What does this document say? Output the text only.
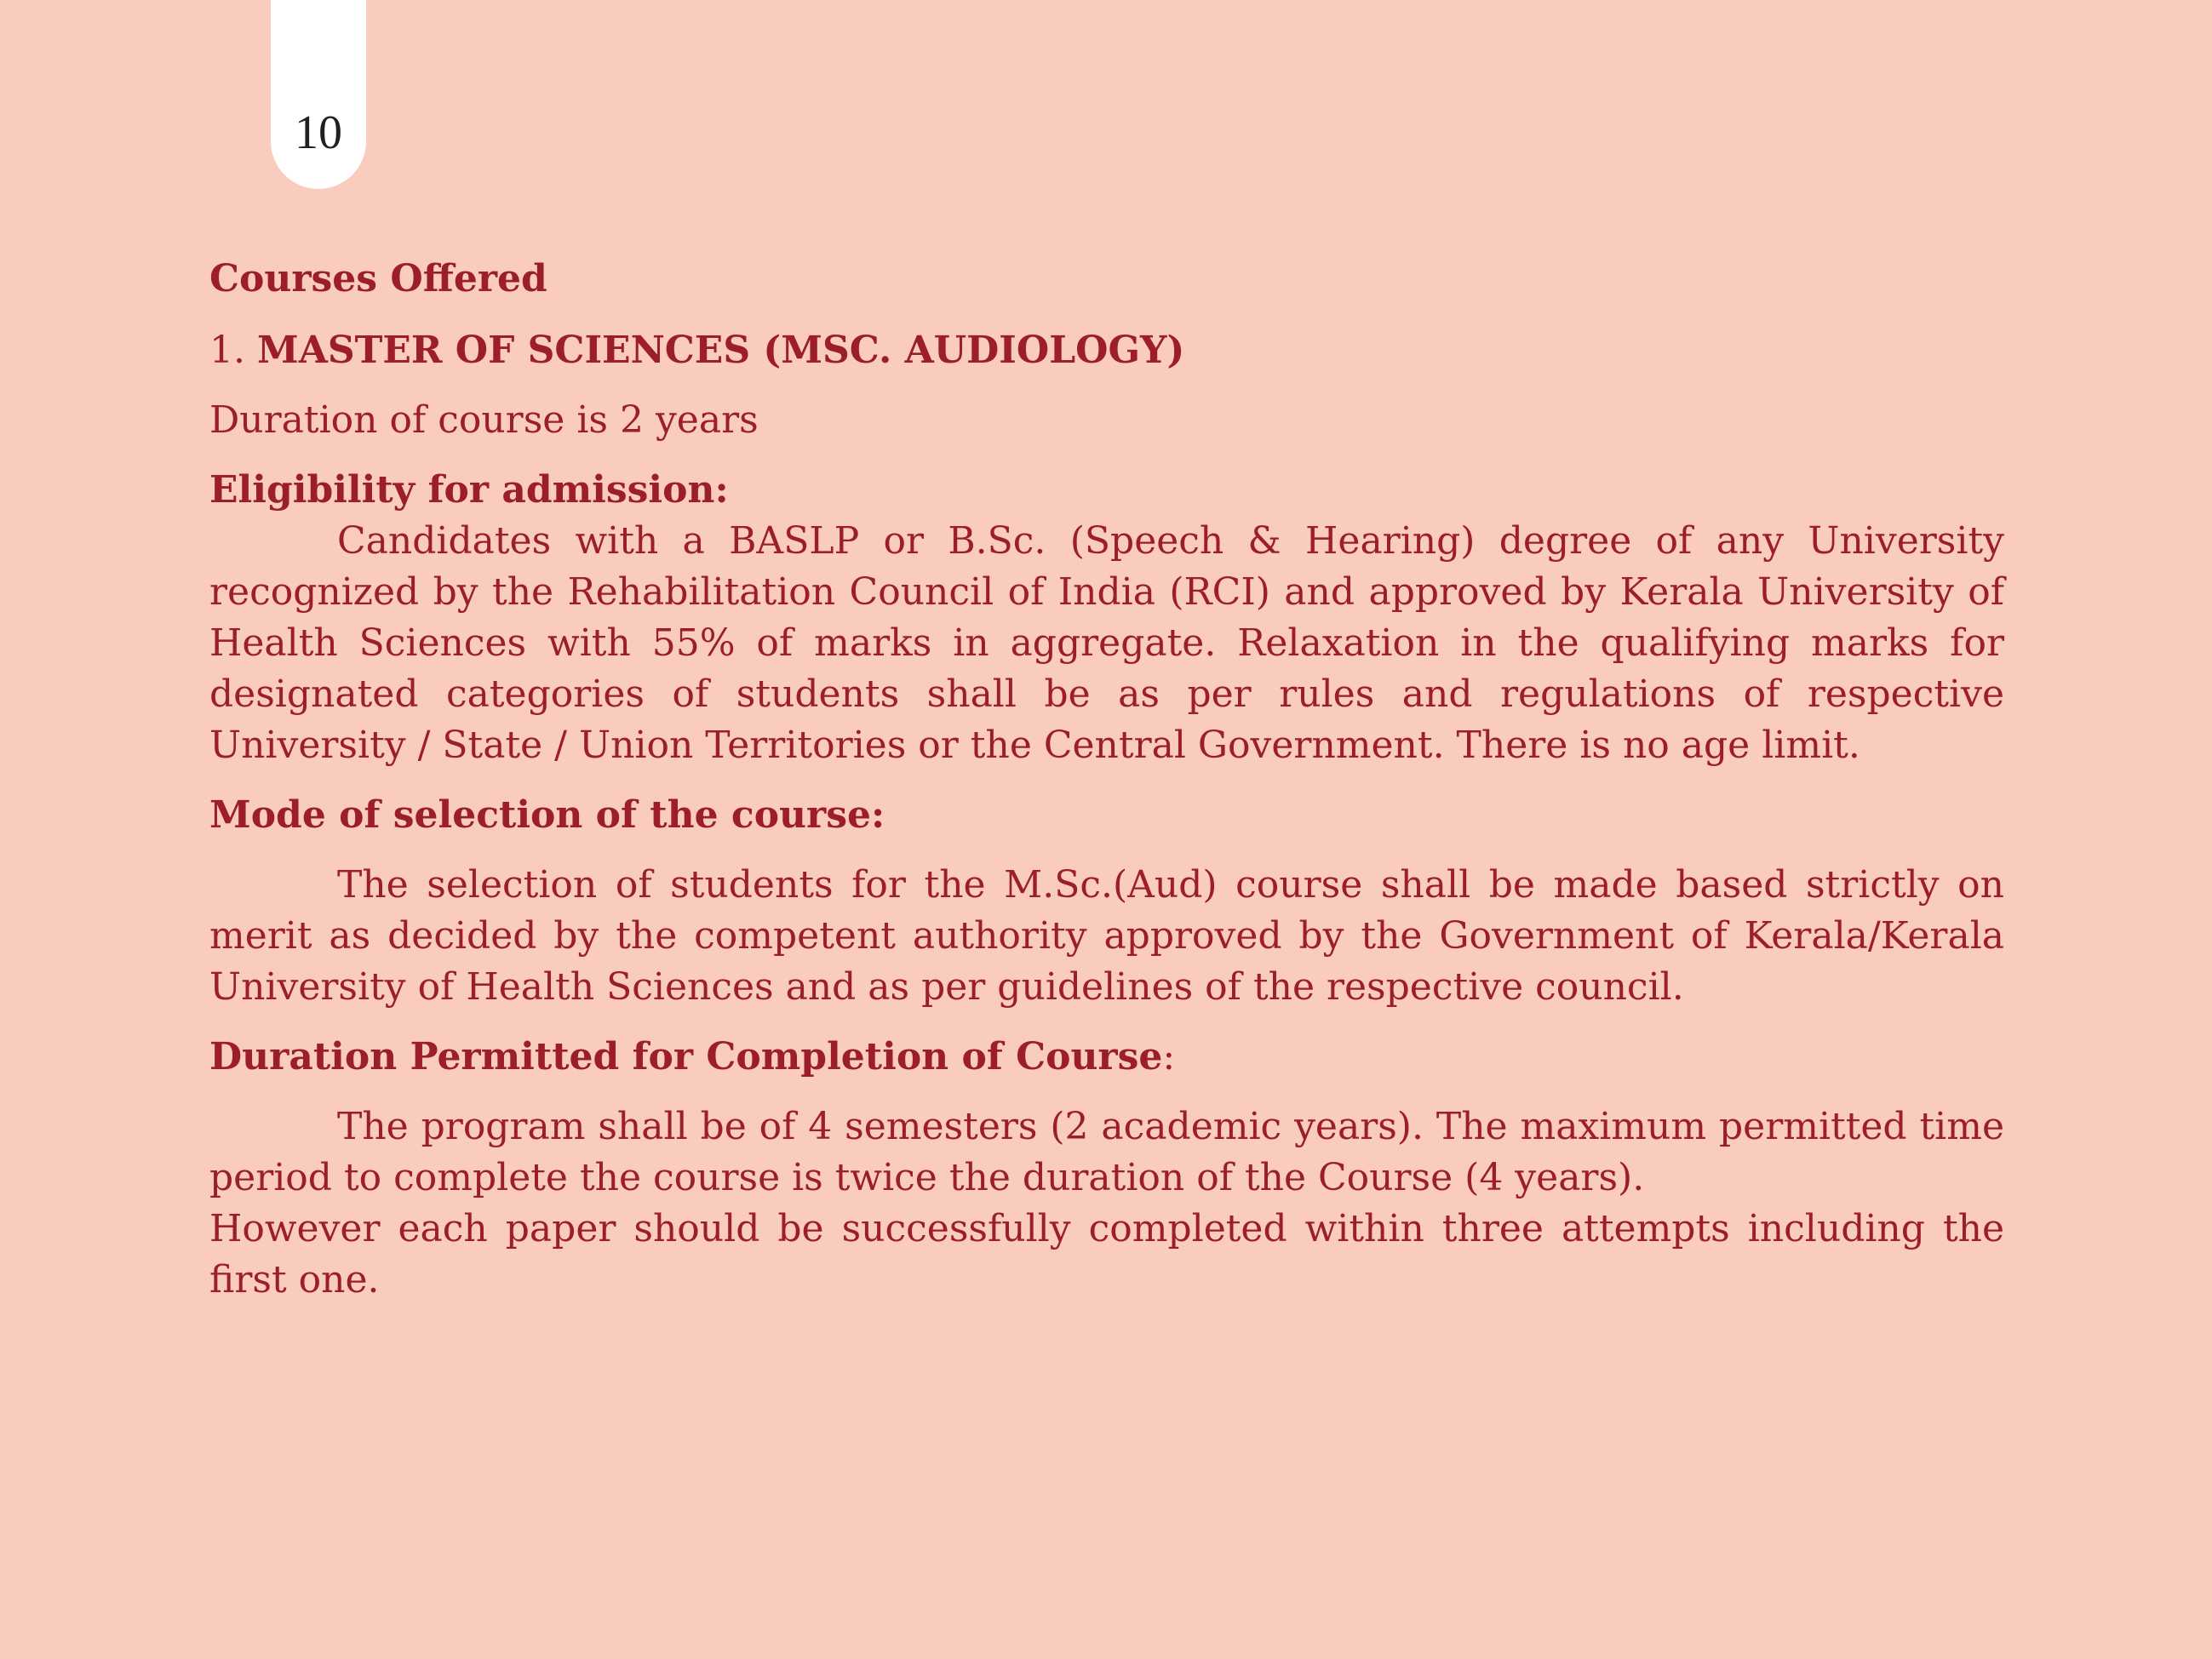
10

Courses Offered

1. MASTER OF SCIENCES (MSC. AUDIOLOGY)

Duration of course is 2 years

Eligibility for admission:

Candidates with a BASLP or B.Sc. (Speech & Hearing) degree of any University recognized by the Rehabilitation Council of India (RCI) and approved by Kerala University of Health Sciences with 55% of marks in aggregate. Relaxation in the qualifying marks for designated categories of students shall be as per rules and regulations of respective University / State / Union Territories or the Central Government. There is no age limit.

Mode of selection of the course:

The selection of students for the M.Sc.(Aud) course shall be made based strictly on merit as decided by the competent authority approved by the Government of Kerala/Kerala University of Health Sciences and as per guidelines of the respective council.

Duration Permitted for Completion of Course:

The program shall be of 4 semesters (2 academic years). The maximum permitted time period to complete the course is twice the duration of the Course (4 years).

However each paper should be successfully completed within three attempts including the first one.
